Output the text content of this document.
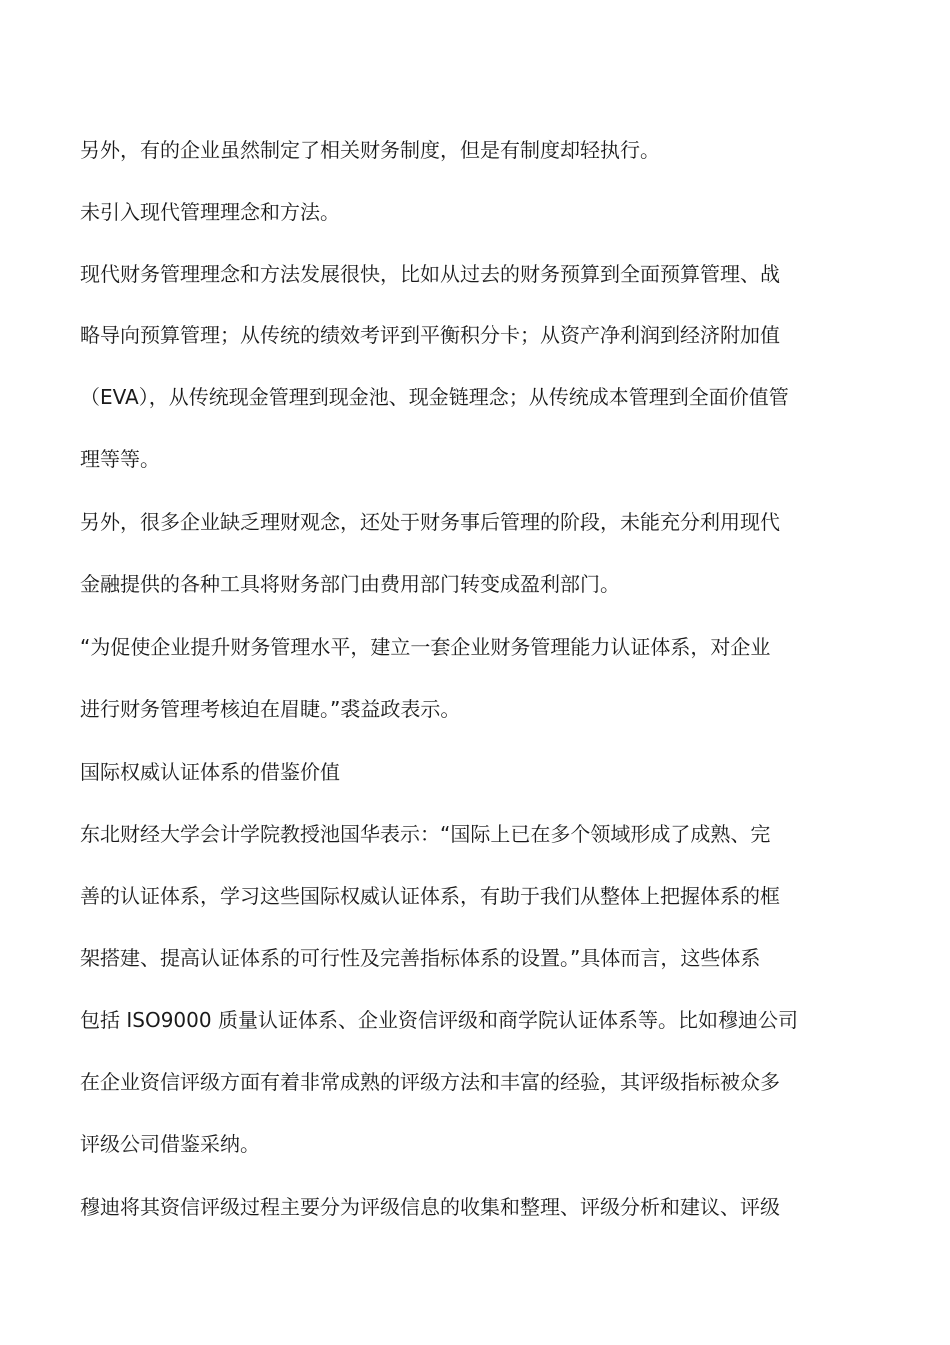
另外，有的企业虽然制定了相关财务制度，但是有制度却轻执行。
未引入现代管理理念和方法。
现代财务管理理念和方法发展很快，比如从过去的财务预算到全面预算管理、战
略导向预算管理；从传统的绩效考评到平衡积分卡；从资产净利润到经济附加值
（EVA），从传统现金管理到现金池、现金链理念；从传统成本管理到全面价值管
理等等。
另外，很多企业缺乏理财观念，还处于财务事后管理的阶段，未能充分利用现代
金融提供的各种工具将财务部门由费用部门转变成盈利部门。
“为促使企业提升财务管理水平，建立一套企业财务管理能力认证体系，对企业
进行财务管理考核迫在眉睫。”裘益政表示。
国际权威认证体系的借鉴价值
东北财经大学会计学院教授池国华表示：“国际上已在多个领域形成了成熟、完
善的认证体系，学习这些国际权威认证体系，有助于我们从整体上把握体系的框
架搭建、提高认证体系的可行性及完善指标体系的设置。”具体而言，这些体系
包括 ISO9000 质量认证体系、企业资信评级和商学院认证体系等。比如穆迪公司
在企业资信评级方面有着非常成熟的评级方法和丰富的经验，其评级指标被众多
评级公司借鉴采纳。
穆迪将其资信评级过程主要分为评级信息的收集和整理、评级分析和建议、评级
